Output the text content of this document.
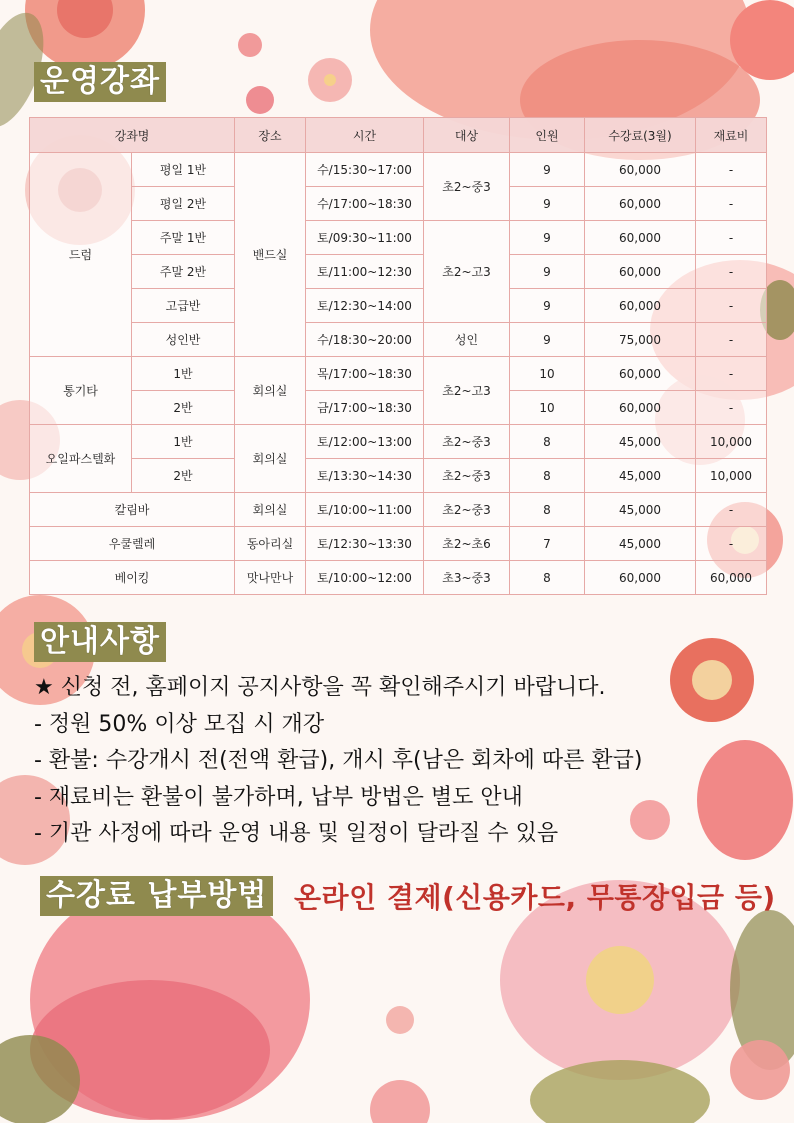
운영강좌
강좌명		장소	시간	대상	인원	수강료(3월)	재료비
드럼	평일 1반	밴드실	수/15:30~17:00	초2~중3	9	60,000	-
	평일 2반		수/17:00~18:30		9	60,000	-
	주말 1반		토/09:30~11:00	초2~고3	9	60,000	-
	주말 2반		토/11:00~12:30		9	60,000	-
	고급반		토/12:30~14:00		9	60,000	-
	성인반		수/18:30~20:00	성인	9	75,000	-
통기타	1반	회의실	목/17:00~18:30	초2~고3	10	60,000	-
	2반		금/17:00~18:30		10	60,000	-
오일파스텔화	1반	회의실	토/12:00~13:00	초2~중3	8	45,000	10,000
	2반		토/13:30~14:30	초2~중3	8	45,000	10,000
칼림바		회의실	토/10:00~11:00	초2~중3	8	45,000	-
우쿨렐레		동아리실	토/12:30~13:30	초2~초6	7	45,000	-
베이킹		맛나만나	토/10:00~12:00	초3~중3	8	60,000	60,000
안내사항
★ 신청 전, 홈페이지 공지사항을 꼭 확인해주시기 바랍니다.
- 정원 50% 이상 모집 시 개강
- 환불: 수강개시 전(전액 환급), 개시 후(남은 회차에 따른 환급)
- 재료비는 환불이 불가하며, 납부 방법은 별도 안내
- 기관 사정에 따라 운영 내용 및 일정이 달라질 수 있음
수강료 납부방법 온라인 결제(신용카드, 무통장입금 등)
